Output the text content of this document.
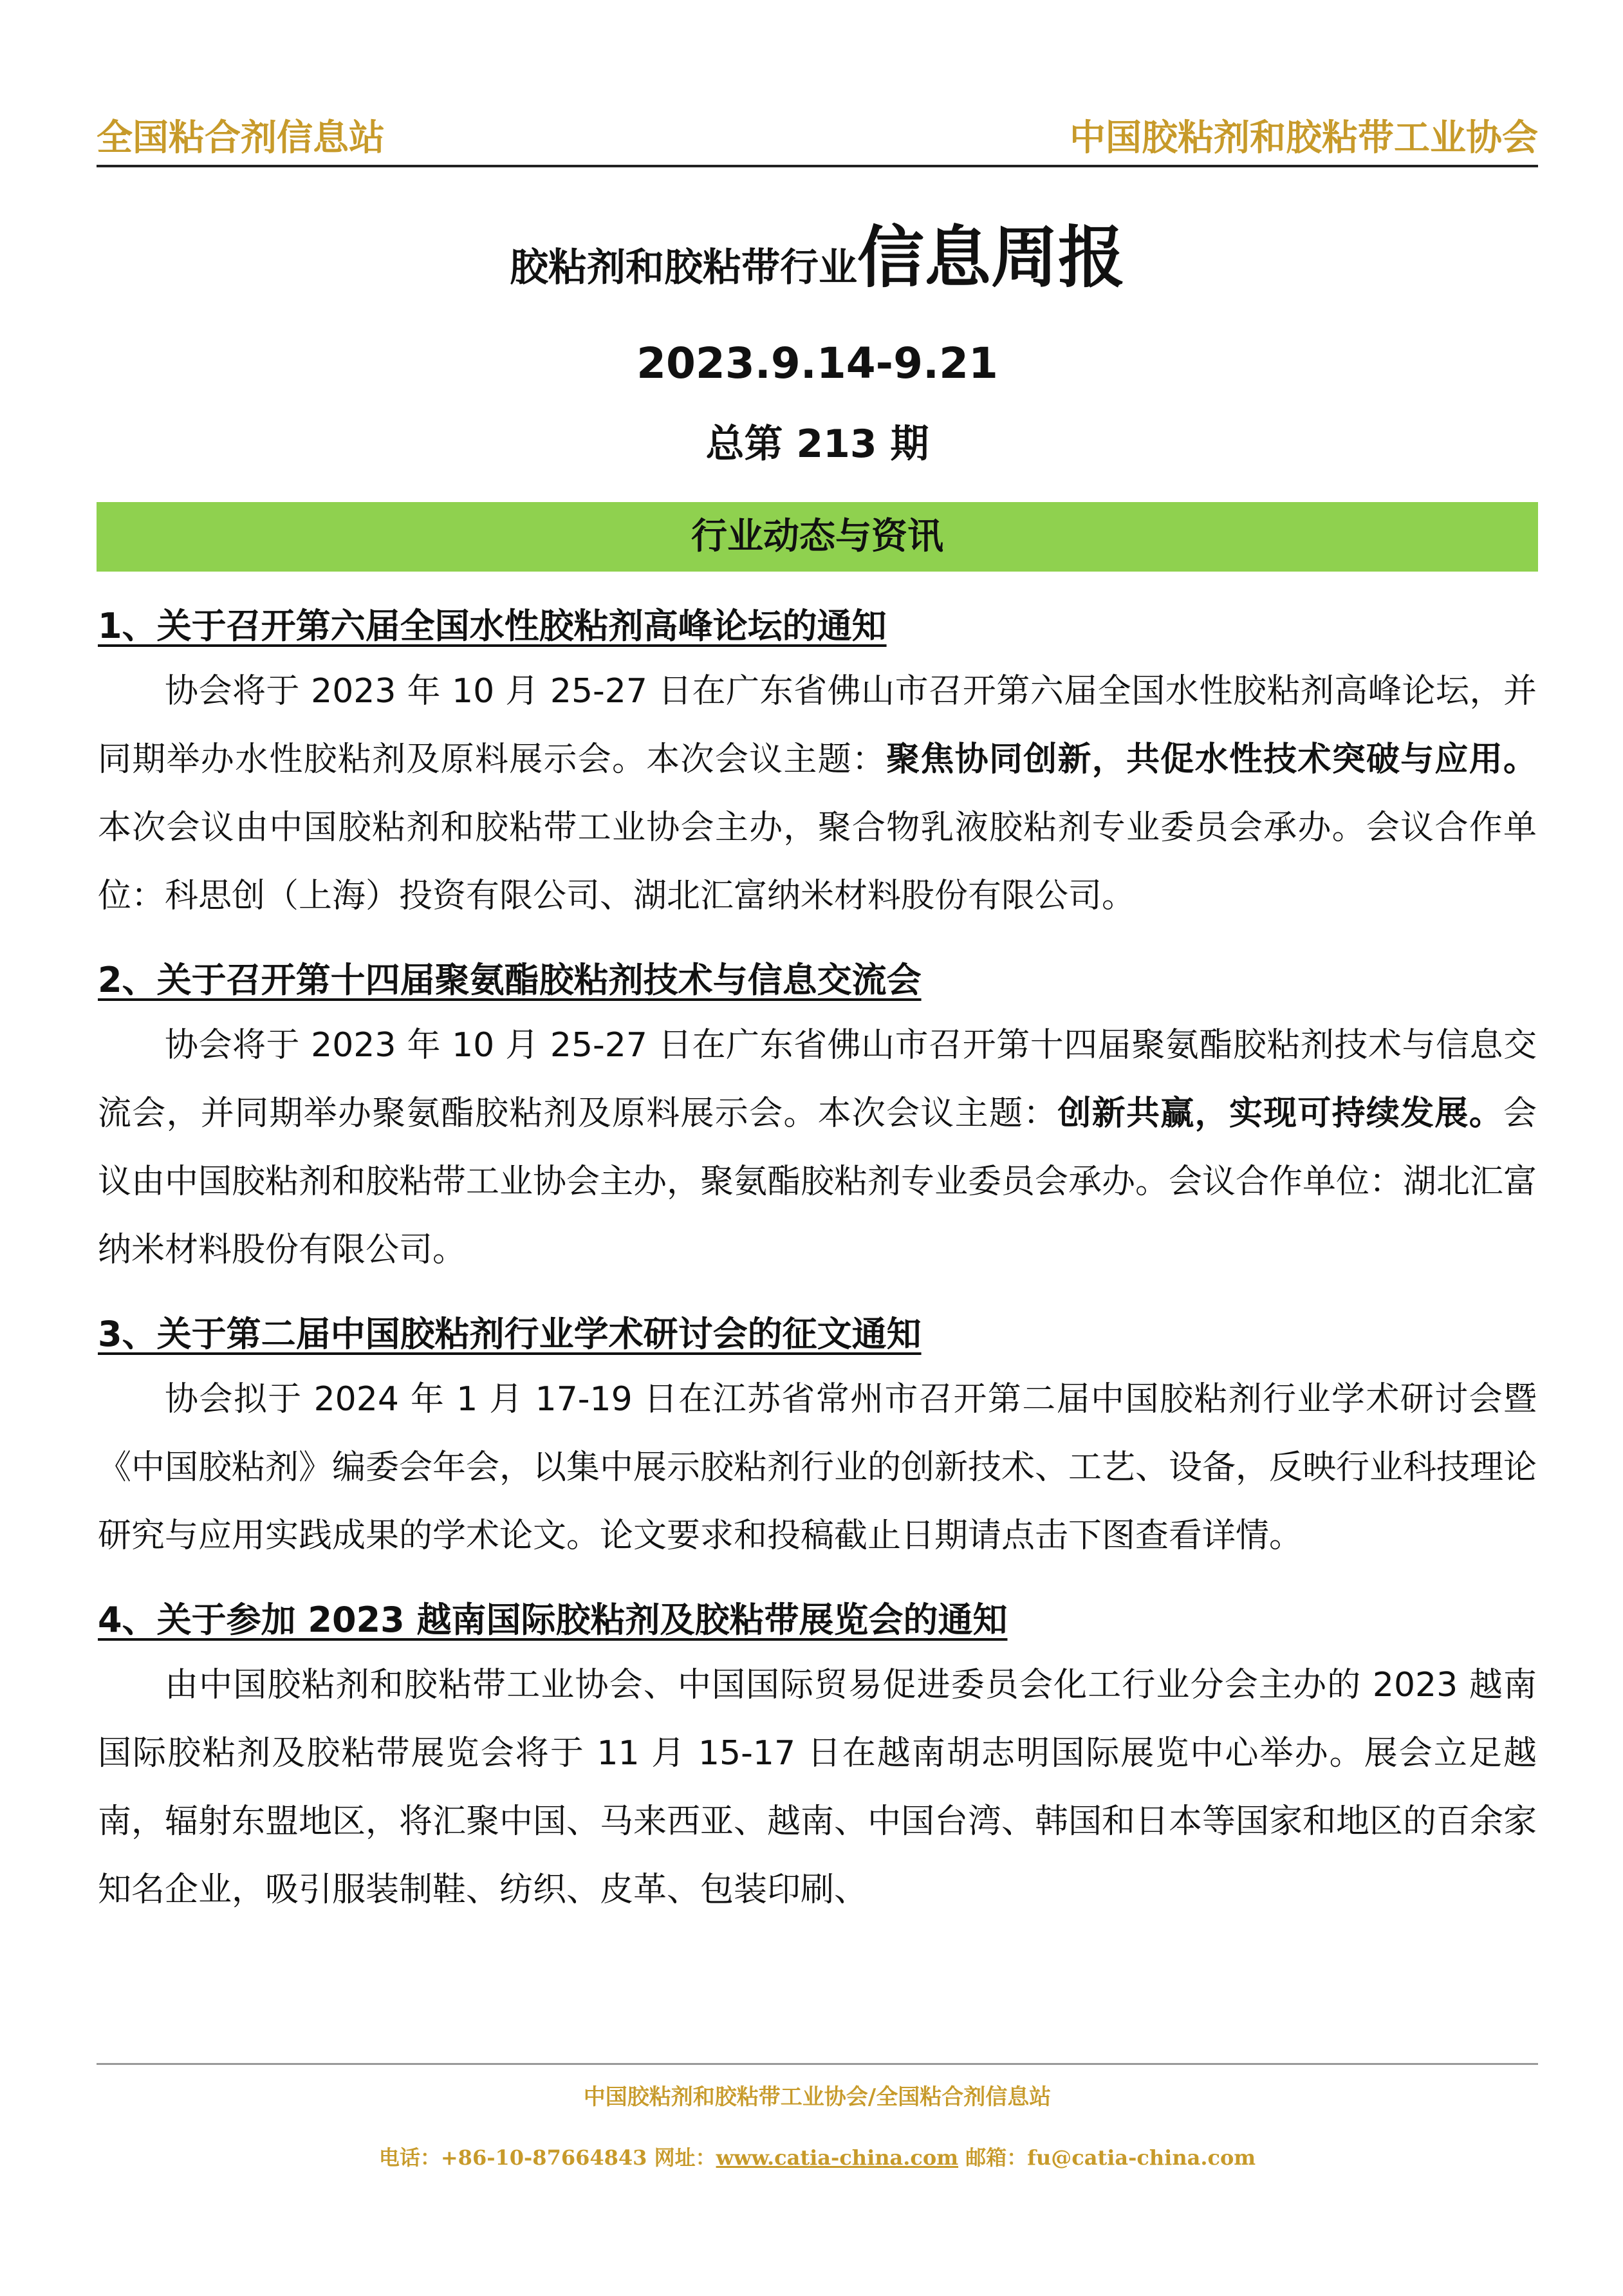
全国粘合剂信息站	中国胶粘剂和胶粘带工业协会
胶粘剂和胶粘带行业信息周报
2023.9.14-9.21
总第 213 期
行业动态与资讯
1、关于召开第六届全国水性胶粘剂高峰论坛的通知

协会将于 2023 年 10 月 25-27 日在广东省佛山市召开第六届全国水性胶粘剂高峰论坛，并同期举办水性胶粘剂及原料展示会。本次会议主题：聚焦协同创新，共促水性技术突破与应用。本次会议由中国胶粘剂和胶粘带工业协会主办，聚合物乳液胶粘剂专业委员会承办。会议合作单位：科思创（上海）投资有限公司、湖北汇富纳米材料股份有限公司。

2、关于召开第十四届聚氨酯胶粘剂技术与信息交流会

协会将于 2023 年 10 月 25-27 日在广东省佛山市召开第十四届聚氨酯胶粘剂技术与信息交流会，并同期举办聚氨酯胶粘剂及原料展示会。本次会议主题：创新共赢，实现可持续发展。会议由中国胶粘剂和胶粘带工业协会主办，聚氨酯胶粘剂专业委员会承办。会议合作单位：湖北汇富纳米材料股份有限公司。

3、关于第二届中国胶粘剂行业学术研讨会的征文通知

协会拟于 2024 年 1 月 17-19 日在江苏省常州市召开第二届中国胶粘剂行业学术研讨会暨《中国胶粘剂》编委会年会，以集中展示胶粘剂行业的创新技术、工艺、设备，反映行业科技理论研究与应用实践成果的学术论文。论文要求和投稿截止日期请点击下图查看详情。

4、关于参加 2023 越南国际胶粘剂及胶粘带展览会的通知

由中国胶粘剂和胶粘带工业协会、中国国际贸易促进委员会化工行业分会主办的 2023 越南国际胶粘剂及胶粘带展览会将于 11 月 15-17 日在越南胡志明国际展览中心举办。展会立足越南，辐射东盟地区，将汇聚中国、马来西亚、越南、中国台湾、韩国和日本等国家和地区的百余家知名企业，吸引服装制鞋、纺织、皮革、包装印刷、

中国胶粘剂和胶粘带工业协会/全国粘合剂信息站
电话：+86-10-87664843 网址：www.catia-china.com 邮箱：fu@catia-china.com
